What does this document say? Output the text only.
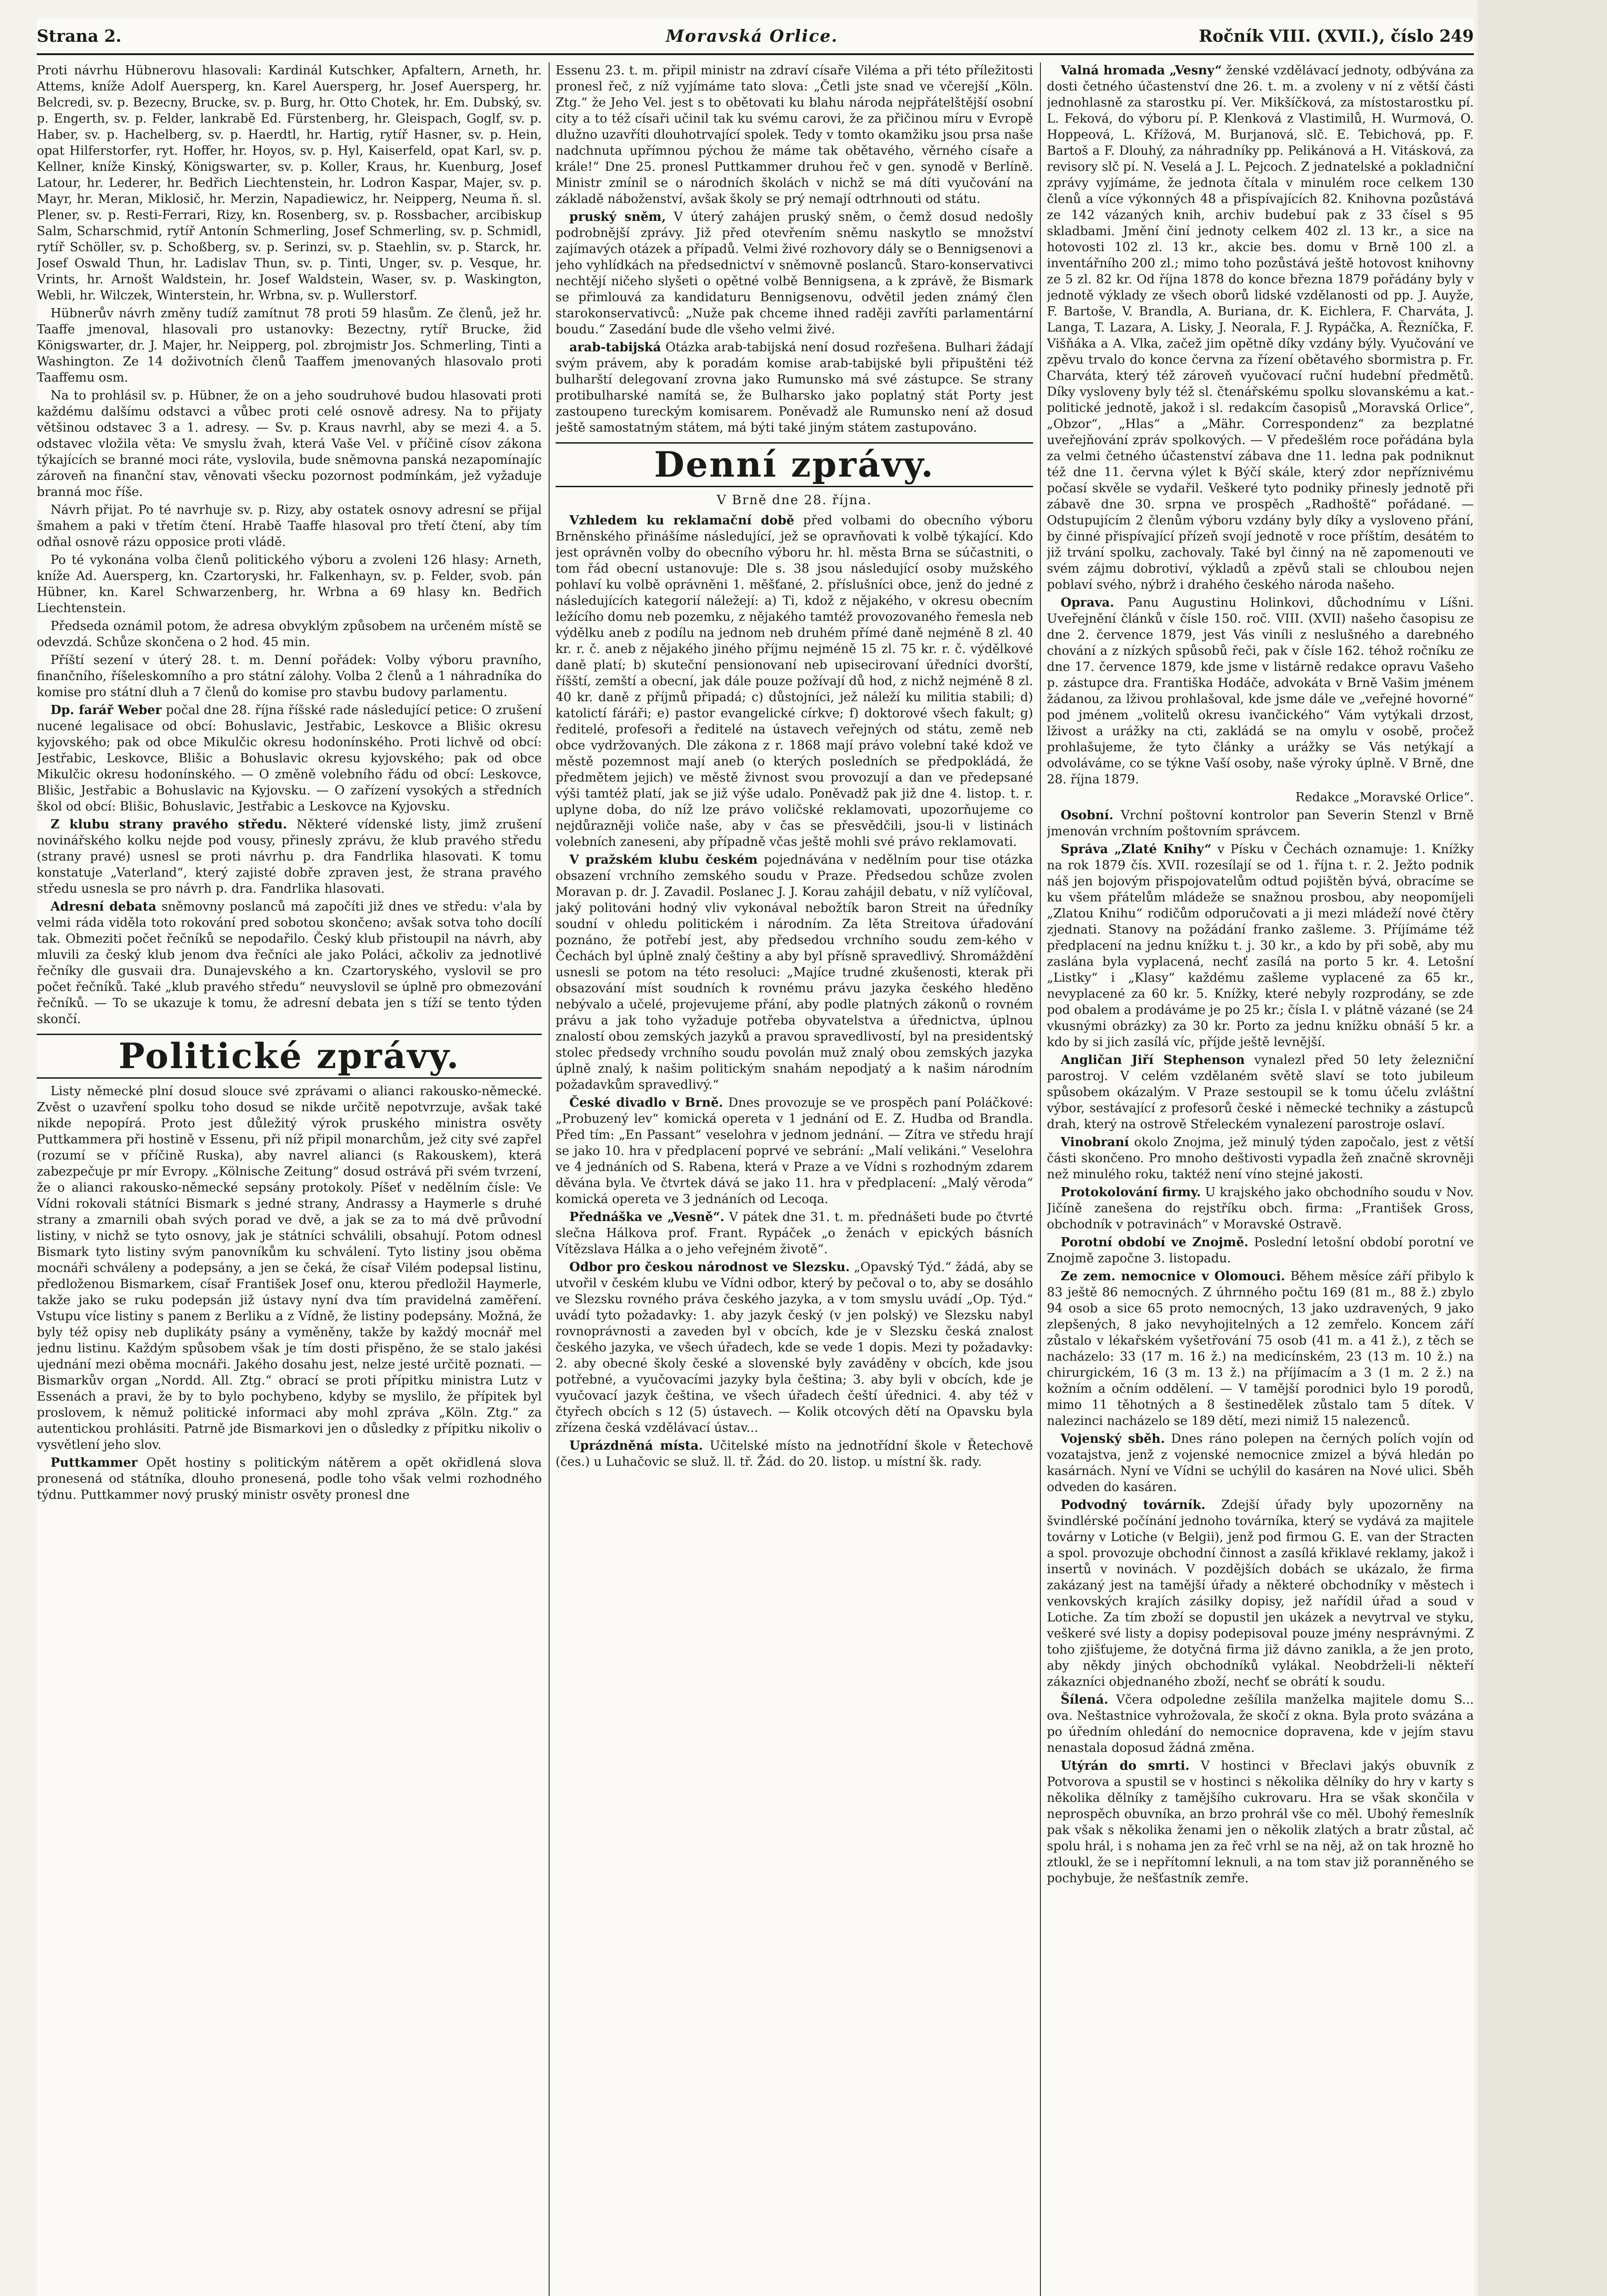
Strana 2.	Moravská Orlice.	Ročník VIII. (XVII.), číslo 249

Proti návrhu Hübnerovu hlasovali: Kardinál Kutschker, Apfaltern, Arneth, hr. Attems, kníže Adolf Auersperg, kn. Karel Auersperg, hr. Josef Auersperg, hr. Belcredi, sv. p. Bezecny, Brucke, sv. p. Burg, hr. Otto Chotek, hr. Em. Dubský, sv. p. Engerth, sv. p. Felder, lankrabě Ed. Fürstenberg, hr. Gleispach, Goglf, sv. p. Haber, sv. p. Hachelberg, sv. p. Haerdtl, hr. Hartig, rytíř Hasner, sv. p. Hein, opat Hilferstorfer, ryt. Hoffer, hr. Hoyos, sv. p. Hyl, Kaiserfeld, opat Karl, sv. p. Kellner, kníže Kinský, Königswarter, sv. p. Koller, Kraus, hr. Kuenburg, Josef Latour, hr. Lederer, hr. Bedřich Liechtenstein, hr. Lodron Kaspar, Majer, sv. p. Mayr, hr. Meran, Miklosič, hr. Merzin, Napadiewicz, hr. Neipperg, Neuma ň. sl. Plener, sv. p. Resti-Ferrari, Rizy, kn. Rosenberg, sv. p. Rossbacher, arcibiskup Salm, Scharschmid, rytíř Antonín Schmerling, Josef Schmerling, sv. p. Schmidl, rytíř Schöller, sv. p. Schoßberg, sv. p. Serinzi, sv. p. Staehlin, sv. p. Starck, hr. Josef Oswald Thun, hr. Ladislav Thun, sv. p. Tinti, Unger, sv. p. Vesque, hr. Vrints, hr. Arnošt Waldstein, hr. Josef Waldstein, Waser, sv. p. Waskington, Webli, hr. Wilczek, Winterstein, hr. Wrbna, sv. p. Wullerstorf.

Hübnerův návrh změny tudíž zamítnut 78 proti 59 hlasům. Ze členů, jež hr. Taaffe jmenoval, hlasovali pro ustanovky: Bezectny, rytíř Brucke, žid Königswarter, dr. J. Majer, hr. Neipperg, pol. zbrojmistr Jos. Schmerling, Tinti a Washington. Ze 14 doživotních členů Taaffem jmenovaných hlasovalo proti Taaffemu osm.

Na to prohlásil sv. p. Hübner, že on a jeho soudruhové budou hlasovati proti každému dalšímu odstavci a vůbec proti celé osnově adresy. Na to přijaty většinou odstavec 3 a 1. adresy. — Sv. p. Kraus navrhl, aby se mezi 4. a 5. odstavec vložila věta: Ve smyslu žvah, která Vaše Vel. v příčině císov zákona týkajících se branné moci ráte, vyslovila, bude sněmovna panská nezapomínajíc zároveň na finanční stav, věnovati všecku pozornost podmínkám, jež vyžaduje branná moc říše.

Návrh přijat. Po té navrhuje sv. p. Rizy, aby ostatek osnovy adresní se přijal šmahem a paki v třetím čtení. Hrabě Taaffe hlasoval pro třetí čtení, aby tím odňal osnově rázu opposice proti vládě.

Po té vykonána volba členů politického výboru a zvoleni 126 hlasy: Arneth, kníže Ad. Auersperg, kn. Czartoryski, hr. Falkenhayn, sv. p. Felder, svob. pán Hübner, kn. Karel Schwarzenberg, hr. Wrbna a 69 hlasy kn. Bedřich Liechtenstein.

Předseda oznámil potom, že adresa obvyklým způsobem na určeném místě se odevzdá. Schůze skončena o 2 hod. 45 min.

Příští sezení v úterý 28. t. m. Denní pořádek: Volby výboru pravního, finančního, říšeleskomního a pro státní zálohy. Volba 2 členů a 1 náhradníka do komise pro státní dluh a 7 členů do komise pro stavbu budovy parlamentu.

Dp. farář Weber počal dne 28. října říšské rade následující petice: O zrušení nucené legalisace od obcí: Bohuslavic, Jestřabic, Leskovce a Blišic okresu kyjovského; pak od obce Mikulčic okresu hodonínského. Proti lichvě od obcí: Jestřabic, Leskovce, Blišic a Bohuslavic okresu kyjovského; pak od obce Mikulčic okresu hodonínského. — O změně volebního řádu od obcí: Leskovce, Blišic, Jestřabic a Bohuslavic na Kyjovsku. — O zařízení vysokých a středních škol od obcí: Blišic, Bohuslavic, Jestřabic a Leskovce na Kyjovsku.

Z klubu strany pravého středu. Některé vídenské listy, jimž zrušení novinářského kolku nejde pod vousy, přinesly zprávu, že klub pravého středu (strany pravé) usnesl se proti návrhu p. dra Fandrlika hlasovati. K tomu konstatuje „Vaterland“, který zajisté dobře zpraven jest, že strana pravého středu usnesla se pro návrh p. dra. Fandrlika hlasovati.

Adresní debata sněmovny poslanců má započíti již dnes ve středu: v'ala by velmi ráda viděla toto rokování pred sobotou skončeno; avšak sotva toho docílí tak. Obmeziti počet řečníků se nepodařilo. Český klub přistoupil na návrh, aby mluvili za český klub jenom dva řečníci ale jako Poláci, ačkoliv za jednotlivé řečníky dle gusvaii dra. Dunajevského a kn. Czartoryského, vyslovil se pro počet řečníků. Také „klub pravého středu“ neuvyslovil se úplně pro obmezování řečníků. — To se ukazuje k tomu, že adresní debata jen s tíží se tento týden skončí.

Politické zprávy.

Listy německé plní dosud slouce své zprávami o alianci rakousko-německé. Zvěst o uzavření spolku toho dosud se nikde určitě nepotvrzuje, avšak také nikde nepopírá. Proto jest důležitý výrok pruského ministra osvěty Puttkammera při hostině v Essenu, při níž připil monarchům, jež city své zapřel (rozumí se v příčině Ruska), aby navrel alianci (s Rakouskem), která zabezpečuje pr mír Evropy. „Kölnische Zeitung“ dosud ostrává při svém tvrzení, že o alianci rakousko-německé sepsány protokoly. Píšeť v nedělním čísle: Ve Vídni rokovali státníci Bismark s jedné strany, Andrassy a Haymerle s druhé strany a zmarnili obah svých porad ve dvě, a jak se za to má dvě průvodní listiny, v nichž se tyto osnovy, jak je státníci schválili, obsahují. Potom odnesl Bismark tyto listiny svým panovníkům ku schválení. Tyto listiny jsou oběma mocnáři schváleny a podepsány, a jen se čeká, že císař Vilém podepsal listinu, předloženou Bismarkem, císař František Josef onu, kterou předložil Haymerle, takže jako se ruku podepsán již ústavy nyní dva tím pravidelná zaměření. Vstupu více listiny s panem z Berliku a z Vídně, že listiny podepsány. Možná, že byly též opisy neb duplikáty psány a vyměněny, takže by každý mocnář mel jednu listinu. Každým spůsobem však je tím dosti přispěno, že se stalo jakési ujednání mezi oběma mocnáři. Jakého dosahu jest, nelze jesté určitě poznati. — Bismarkův organ „Nordd. All. Ztg.“ obrací se proti přípitku ministra Lutz v Essenách a pravi, že by to bylo pochybeno, kdyby se myslilo, že přípitek byl proslovem, k němuž politické informaci aby mohl zpráva „Köln. Ztg.“ za autentickou prohlásiti. Patrně jde Bismarkovi jen o důsledky z přípitku nikoliv o vysvětlení jeho slov.

Puttkammer Opět hostiny s politickým nátěrem a opět okřidlená slova pronesená od státníka, dlouho pronesená, podle toho však velmi rozhodného týdnu. Puttkammer nový pruský ministr osvěty pronesl dne

Essenu 23. t. m. připil ministr na zdraví císaře Viléma a při této příležitosti pronesl řeč, z níž vyjímáme tato slova: „Četli jste snad ve včerejší „Köln. Ztg.“ že Jeho Vel. jest s to obětovati ku blahu národa nejpřátelštější osobní city a to též císaři učinil tak ku svému carovi, že za přičinou míru v Evropě dlužno uzavříti dlouhotrvající spolek. Tedy v tomto okamžiku jsou prsa naše nadchnuta upřímnou pýchou že máme tak obětavého, věrného císaře a krále!“ Dne 25. pronesl Puttkammer druhou řeč v gen. synodě v Berlíně. Ministr zmínil se o národních školách v nichž se má díti vyučování na základě náboženství, avšak školy se prý nemají odtrhnouti od státu.

pruský sněm, V úterý zahájen pruský sněm, o čemž dosud nedošly podrobnější zprávy. Již před otevřením sněmu naskytlo se množství zajímavých otázek a případů. Velmi živé rozhovory dály se o Bennigsenovi a jeho vyhlídkách na předsednictví v sněmovně poslanců. Staro-konservativci nechtějí ničeho slyšeti o opětné volbě Bennigsena, a k zprávě, že Bismark se přimlouvá za kandidaturu Bennigsenovu, odvětil jeden známý člen starokonservativců: „Nuže pak chceme ihned raději zavříti parlamentární boudu.“ Zasedání bude dle všeho velmi živé.

arab-tabijská Otázka arab-tabijská není dosud rozřešena. Bulhari žádají svým právem, aby k poradám komise arab-tabijské byli připuštěni též bulharští delegovaní zrovna jako Rumunsko má své zástupce. Se strany protibulharské namítá se, že Bulharsko jako poplatný stát Porty jest zastoupeno tureckým komisarem. Poněvadž ale Rumunsko není až dosud ještě samostatným státem, má býti také jiným státem zastupováno.

Denní zprávy.
V Brně dne 28. října.

Vzhledem ku reklamační době před volbami do obecního výboru Brněnského přinášíme následující, jež se opravňovati k volbě týkající. Kdo jest oprávněn volby do obecního výboru hr. hl. města Brna se súčastniti, o tom řád obecní ustanovuje: Dle s. 38 jsou následující osoby mužského pohlaví ku volbě oprávněni 1. měšťané, 2. příslušníci obce, jenž do jedné z následujících kategorií náležejí: a) Ti, kdož z nějakého, v okresu obecním ležícího domu neb pozemku, z nějakého tamtéž provozovaného řemesla neb výdělku aneb z podílu na jednom neb druhém přímé daně nejméně 8 zl. 40 kr. r. č. aneb z nějakého jiného příjmu nejméně 15 zl. 75 kr. r. č. výdělkové daně platí; b) skuteční pensionovaní neb upisecirovaní úředníci dvorští, říšští, zemští a obecní, jak dále pouze požívají dů hod, z nichž nejméně 8 zl. 40 kr. daně z příjmů připadá; c) důstojníci, jež náleží ku militia stabili; d) katolictí fáráři; e) pastor evangelické církve; f) doktorové všech fakult; g) ředitelé, profesoři a ředitelé na ústavech veřejných od státu, země neb obce vydržovaných. Dle zákona z r. 1868 mají právo volební také kdož ve městě pozemnost mají aneb (o kterých posledních se předpokládá, že předmětem jejich) ve městě živnost svou provozují a dan ve předepsané výši tamtéž platí, jak se již výše udalo. Poněvadž pak již dne 4. listop. t. r. uplyne doba, do níž lze právo voličské reklamovati, upozorňujeme co nejdůrazněji voliče naše, aby v čas se přesvědčili, jsou-li v listinách volebních zaneseni, aby případně včas ještě mohli své právo reklamovati.

V pražském klubu českém pojednávána v nedělním pour tise otázka obsazení vrchního zemského soudu v Praze. Předsedou schůze zvolen Moravan p. dr. J. Zavadil. Poslanec J. J. Korau zahájil debatu, v níž vylíčoval, jaký politováni hodný vliv vykonával nebožtík baron Streit na úředníky soudní v ohledu politickém i národním. Za lěta Streitova úřadování poznáno, že potřebí jest, aby předsedou vrchního soudu zem-kého v Čechách byl úplně znalý češtiny a aby byl přísně spravedlivý. Shromáždění usnesli se potom na této resoluci: „Majíce trudné zkušenosti, kterak při obsazování míst soudních k rovnému právu jazyka českého hleděno nebývalo a učelé, projevujeme přání, aby podle platných zákonů o rovném právu a jak toho vyžaduje potřeba obyvatelstva a úřednictva, úplnou znalostí obou zemských jazyků a pravou spravedlivostí, byl na presidentský stolec předsedy vrchního soudu povolán muž znalý obou zemských jazyka úplně znalý, k našim politickým snahám nepodjatý a k našim národním požadavkům spravedlivý.“

České divadlo v Brně. Dnes provozuje se ve prospěch paní Poláčkové: „Probuzený lev“ komická opereta v 1 jednání od E. Z. Hudba od Brandla. Před tím: „En Passant“ veselohra v jednom jednání. — Zítra ve středu hrají se jako 10. hra v předplacení poprvé ve sebrání: „Malí velikáni.“ Veselohra ve 4 jednáních od S. Rabena, která v Praze a ve Vídni s rozhodným zdarem děvána byla. Ve čtvrtek dává se jako 11. hra v předplacení: „Malý věroda“ komická opereta ve 3 jednáních od Lecoqa.

Přednáška ve „Vesně“. V pátek dne 31. t. m. přednášeti bude po čtvrté slečna Hálkova prof. Frant. Rypáček „o ženách v epických básních Vítězslava Hálka a o jeho veřejném životě“.

Odbor pro českou národnost ve Slezsku. „Opavský Týd.“ žádá, aby se utvořil v českém klubu ve Vídni odbor, který by pečoval o to, aby se dosáhlo ve Slezsku rovného práva českého jazyka, a v tom smyslu uvádí „Op. Týd.“ uvádí tyto požadavky: 1. aby jazyk český (v jen polský) ve Slezsku nabyl rovnoprávnosti a zaveden byl v obcích, kde je v Slezsku česká znalost českého jazyka, ve všech úřadech, kde se vede 1 dopis. Mezi ty požadavky: 2. aby obecné školy české a slovenské byly zaváděny v obcích, kde jsou potřebné, a vyučovacími jazyky byla čeština; 3. aby byli v obcích, kde je vyučovací jazyk čeština, ve všech úřadech čeští úřednici. 4. aby též v čtyřech obcích s 12 (5) ústavech. — Kolik otcových dětí na Opavsku byla zřízena česká vzdělávací ústav...

Uprázdněná místa. Učitelské místo na jednotřídní škole v Řetechově (čes.) u Luhačovic se služ. ll. tř. Žád. do 20. listop. u místní šk. rady.

Valná hromada „Vesny“ ženské vzdělávací jednoty, odbývána za dosti četného účastenství dne 26. t. m. a zvoleny v ní z větší části jednohlasně za starostku pí. Ver. Mikšíčková, za místostarostku pí. L. Feková, do výboru pí. P. Klenková z Vlastimilů, H. Wurmová, O. Hoppeová, L. Křížová, M. Burjanová, slč. E. Tebichová, pp. F. Bartoš a F. Dlouhý, za náhradníky pp. Pelikánová a H. Vitásková, za revisory slč pí. N. Veselá a J. L. Pejcoch. Z jednatelské a pokladniční zprávy vyjímáme, že jednota čítala v minulém roce celkem 130 členů a více výkonných 48 a přispívajících 82. Knihovna pozůstává ze 142 vázaných knih, archiv budebuí pak z 33 čísel s 95 skladbami. Jmění činí jednoty celkem 402 zl. 13 kr., a sice na hotovosti 102 zl. 13 kr., akcie bes. domu v Brně 100 zl. a inventářního 200 zl.; mimo toho pozůstává ještě hotovost knihovny ze 5 zl. 82 kr. Od října 1878 do konce března 1879 pořádány byly v jednotě výklady ze všech oborů lidské vzdělanosti od pp. J. Auyže, F. Bartoše, V. Brandla, A. Buriana, dr. K. Eichlera, F. Charváta, J. Langa, T. Lazara, A. Lisky, J. Neorala, F. J. Rypáčka, A. Řezníčka, F. Višňáka a A. Vlka, začež jim opětně díky vzdány býly. Vyučování ve zpěvu trvalo do konce června za řízení obětavého sbormistra p. Fr. Charváta, který též zároveň vyučovací ruční hudební předmětů. Díky vysloveny byly též sl. čtenářskému spolku slovanskému a kat.-politické jednotě, jakož i sl. redakcím časopisů „Moravská Orlice“, „Obzor“, „Hlas“ a „Mähr. Correspondenz“ za bezplatné uveřejňování zpráv spolkových. — V předešlém roce pořádána byla za velmi četného účastenství zábava dne 11. ledna pak podniknut též dne 11. června výlet k Býčí skále, který zdor nepříznivému počasí skvěle se vydařil. Veškeré tyto podniky přinesly jednotě při zábavě dne 30. srpna ve prospěch „Radhoště“ pořádané. — Odstupujícím 2 členům výboru vzdány byly díky a vysloveno přání, by činné přispívající přízeň svojí jednotě v roce příštím, desátém to již trvání spolku, zachovaly. Také byl činný na ně zapomenouti ve svém zájmu dobrotiví, výkladů a zpěvů stali se chloubou nejen poblaví svého, nýbrž i drahého českého národa našeho.

Oprava. Panu Augustinu Holinkovi, důchodnímu v Líšni. Uveřejnění článků v čísle 150. roč. VIII. (XVII) našeho časopisu ze dne 2. července 1879, jest Vás viníli z neslušného a darebného chování a z nízkých spůsobů řeči, pak v čísle 162. téhož ročníku ze dne 17. července 1879, kde jsme v listárně redakce opravu Vašeho p. zástupce dra. Františka Hodáče, advokáta v Brně Vašim jménem žádanou, za lživou prohlašoval, kde jsme dále ve „veřejné hovorné“ pod jménem „volitelů okresu ivančického“ Vám vytýkali drzost, lživost a urážky na cti, zakládá se na omylu v osobě, pročež prohlašujeme, že tyto články a urážky se Vás netýkají a odvoláváme, co se týkne Vaší osoby, naše výroky úplně. V Brně, dne 28. října 1879.

Redakce „Moravské Orlice“.

Osobní. Vrchní poštovní kontrolor pan Severin Stenzl v Brně jmenován vrchním poštovním správcem.

Správa „Zlaté Knihy“ v Písku v Čechách oznamuje: 1. Knížky na rok 1879 čís. XVII. rozesílají se od 1. října t. r. 2. Ježto podnik náš jen bojovým přispojovatelům odtud pojištěn bývá, obracíme se ku všem přátelům mládeže se snažnou prosbou, aby neopomíjeli „Zlatou Knihu“ rodičům odporučovati a ji mezi mládeží nové čtěry zjednati. Stanovy na požádání franko zašleme. 3. Příjímáme též předplacení na jednu knížku t. j. 30 kr., a kdo by při sobě, aby mu zaslána byla vyplacená, nechť zasílá na porto 5 kr. 4. Letošní „Listky“ i „Klasy“ každému zašleme vyplacené za 65 kr., nevyplacené za 60 kr. 5. Knížky, které nebyly rozprodány, se zde pod obalem a prodáváme je po 25 kr.; čísla I. v plátně vázané (se 24 vkusnými obrázky) za 30 kr. Porto za jednu knížku obnáší 5 kr. a kdo by si jich zasílá víc, příjde ještě levnější.

Angličan Jiří Stephenson vynalezl před 50 lety železniční parostroj. V celém vzdělaném světě slaví se toto jubileum spůsobem okázalým. V Praze sestoupil se k tomu účelu zvláštní výbor, sestávající z profesorů české i německé techniky a zástupců drah, který na ostrově Střeleckém vynalezení parostroje oslaví.

Vinobraní okolo Znojma, jež minulý týden započalo, jest z větší části skončeno. Pro mnoho deštivosti vypadla žeň značně skrovněji než minulého roku, taktéž není víno stejné jakosti.

Protokolování firmy. U krajského jako obchodního soudu v Nov. Jičíně zanešena do rejstříku obch. firma: „František Gross, obchodník v potravinách“ v Moravské Ostravě.

Porotní období ve Znojmě. Poslední letošní období porotní ve Znojmě započne 3. listopadu.

Ze zem. nemocnice v Olomouci. Během měsíce září přibylo k 83 ještě 86 nemocných. Z úhrnného počtu 169 (81 m., 88 ž.) zbylo 94 osob a sice 65 proto nemocných, 13 jako uzdravených, 9 jako zlepšených, 8 jako nevyhojitelných a 12 zemřelo. Koncem září zůstalo v lékařském vyšetřování 75 osob (41 m. a 41 ž.), z těch se nacházelo: 33 (17 m. 16 ž.) na medicínském, 23 (13 m. 10 ž.) na chirurgickém, 16 (3 m. 13 ž.) na příjímacím a 3 (1 m. 2 ž.) na kožním a očním oddělení. — V tamější porodnici bylo 19 porodů, mimo 11 těhotných a 8 šestinedělek zůstalo tam 5 dítek. V nalezinci nacházelo se 189 dětí, mezi nimiž 15 nalezenců.

Vojenský sběh. Dnes ráno polepen na černých polích vojín od vozatajstva, jenž z vojenské nemocnice zmizel a bývá hledán po kasárnách. Nyní ve Vídni se uchýlil do kasáren na Nové ulici. Sběh odveden do kasáren.

Podvodný továrník. Zdejší úřady byly upozorněny na švindlérské počínání jednoho továrníka, který se vydává za majitele továrny v Lotiche (v Belgii), jenž pod firmou G. E. van der Stracten a spol. provozuje obchodní činnost a zasílá křiklavé reklamy, jakož i insertů v novinách. V pozdějších dobách se ukázalo, že firma zakázaný jest na tamější úřady a některé obchodníky v městech i venkovských krajích zásilky dopisy, jež nařídil úřad a soud v Lotiche. Za tím zboží se dopustil jen ukázek a nevytrval ve styku, veškeré své listy a dopisy podepisoval pouze jmény nesprávnými. Z toho zjišťujeme, že dotyčná firma již dávno zanikla, a že jen proto, aby někdy jiných obchodníků vylákal. Neobdrželi-li někteří zákazníci objednaného zboží, nechť se obrátí k soudu.

Šílená. Včera odpoledne zešílila manželka majitele domu S... ova. Neštastnice vyhrožovala, že skočí z okna. Byla proto svázána a po úředním ohledání do nemocnice dopravena, kde v jejím stavu nenastala doposud žádná změna.

Utýrán do smrti. V hostinci v Břeclavi jakýs obuvník z Potvorova a spustil se v hostinci s několika dělníky do hry v karty s několika dělníky z tamějšího cukrovaru. Hra se však skončila v neprospěch obuvníka, an brzo prohrál vše co měl. Ubohý řemeslník pak však s několika ženami jen o několik zlatých a bratr zůstal, ač spolu hrál, i s nohama jen za řeč vrhl se na něj, až on tak hrozně ho ztloukl, že se i nepřítomní leknuli, a na tom stav již poranněného se pochybuje, že nešťastník zemře.
